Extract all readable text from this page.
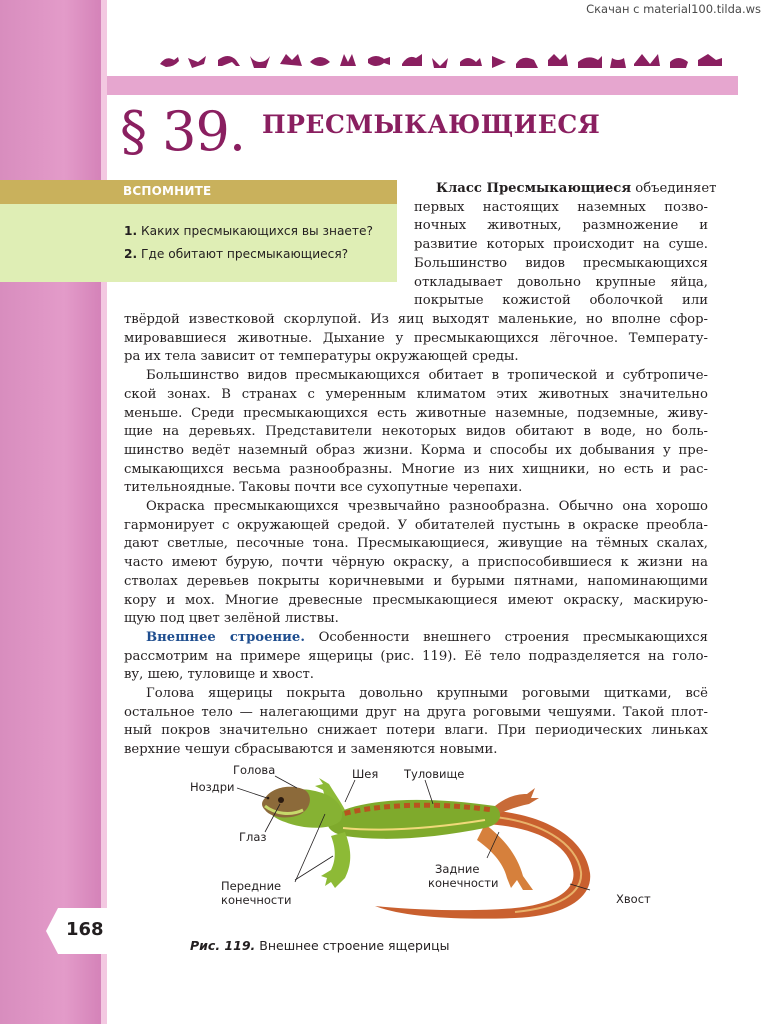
Скачан с material100.tilda.ws
§ 39. ПРЕСМЫКАЮЩИЕСЯ
ВСПОМНИТЕ
1. Каких пресмыкающихся вы знаете?
2. Где обитают пресмыкающиеся?
Класс Пресмыкающиеся объединяет
первых настоящих наземных позво-
ночных животных, размножение и
развитие которых происходит на суше.
Большинство видов пресмыкающихся
откладывает довольно крупные яйца,
покрытые кожистой оболочкой или
твёрдой известковой скорлупой. Из яиц выходят маленькие, но вполне сфор-
мировавшиеся животные. Дыхание у пресмыкающихся лёгочное. Температу-
ра их тела зависит от температуры окружающей среды.
Большинство видов пресмыкающихся обитает в тропической и субтропиче-
ской зонах. В странах с умеренным климатом этих животных значительно
меньше. Среди пресмыкающихся есть животные наземные, подземные, живу-
щие на деревьях. Представители некоторых видов обитают в воде, но боль-
шинство ведёт наземный образ жизни. Корма и способы их добывания у пре-
смыкающихся весьма разнообразны. Многие из них хищники, но есть и рас-
тительноядные. Таковы почти все сухопутные черепахи.
Окраска пресмыкающихся чрезвычайно разнообразна. Обычно она хорошо
гармонирует с окружающей средой. У обитателей пустынь в окраске преобла-
дают светлые, песочные тона. Пресмыкающиеся, живущие на тёмных скалах,
часто имеют бурую, почти чёрную окраску, а приспособившиеся к жизни на
стволах деревьев покрыты коричневыми и бурыми пятнами, напоминающими
кору и мох. Многие древесные пресмыкающиеся имеют окраску, маскирую-
щую под цвет зелёной листвы.
Внешнее строение. Особенности внешнего строения пресмыкающихся
рассмотрим на примере ящерицы (рис. 119). Её тело подразделяется на голо-
ву, шею, туловище и хвост.
Голова ящерицы покрыта довольно крупными роговыми щитками, всё
остальное тело — налегающими друг на друга роговыми чешуями. Такой плот-
ный покров значительно снижает потери влаги. При периодических линьках
верхние чешуи сбрасываются и заменяются новыми.
Голова
Ноздри
Глаз
Шея Туловище
Передние
конечности
Задние
конечности
Хвост
Рис. 119. Внешнее строение ящерицы
168
